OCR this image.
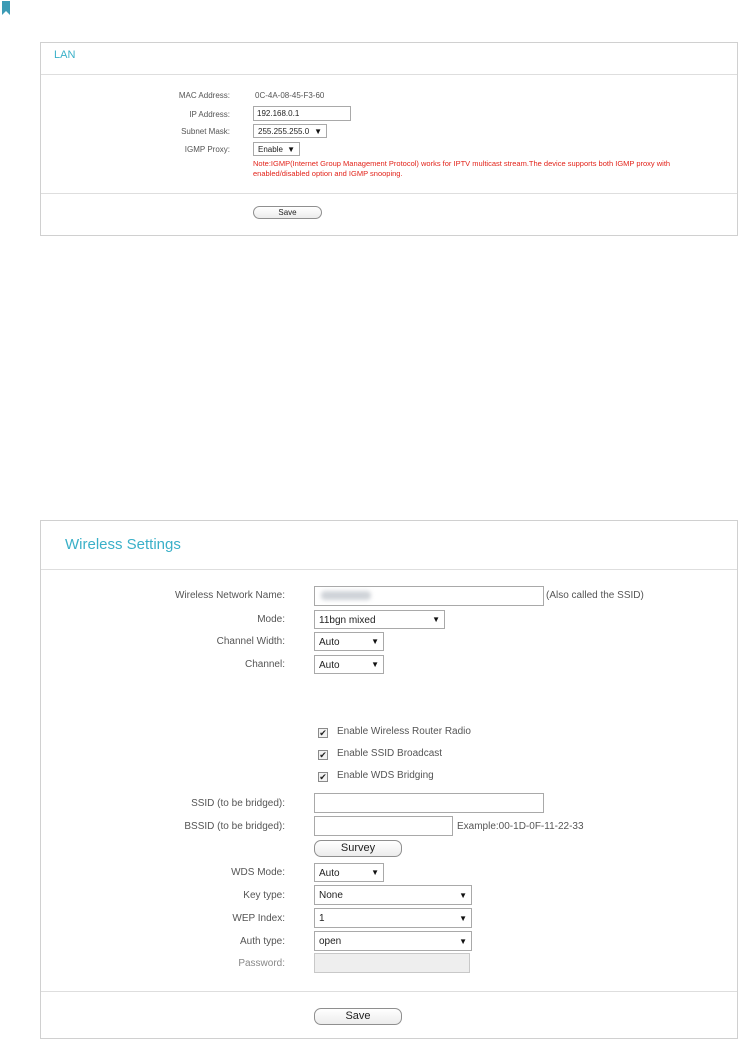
LAN
MAC Address:	0C-4A-08-45-F3-60
IP Address:	192.168.0.1
Subnet Mask:	255.255.255.0 ▼
IGMP Proxy:	Enable ▼
Note:IGMP(Internet Group Management Protocol) works for IPTV multicast stream.The device supports both IGMP proxy with
enabled/disabled option and IGMP snooping.
Save
Wireless Settings
Wireless Network Name:	(Also called the SSID)
Mode:	11bgn mixed	▼
Channel Width:	Auto	▼
Channel:	Auto	▼
✔ Enable Wireless Router Radio
✔ Enable SSID Broadcast
✔ Enable WDS Bridging
SSID (to be bridged):
BSSID (to be bridged):	Example:00-1D-0F-11-22-33
Survey
WDS Mode:	Auto	▼
Key type:	None	▼
WEP Index:	1	▼
Auth type:	open	▼
Password:
Save
